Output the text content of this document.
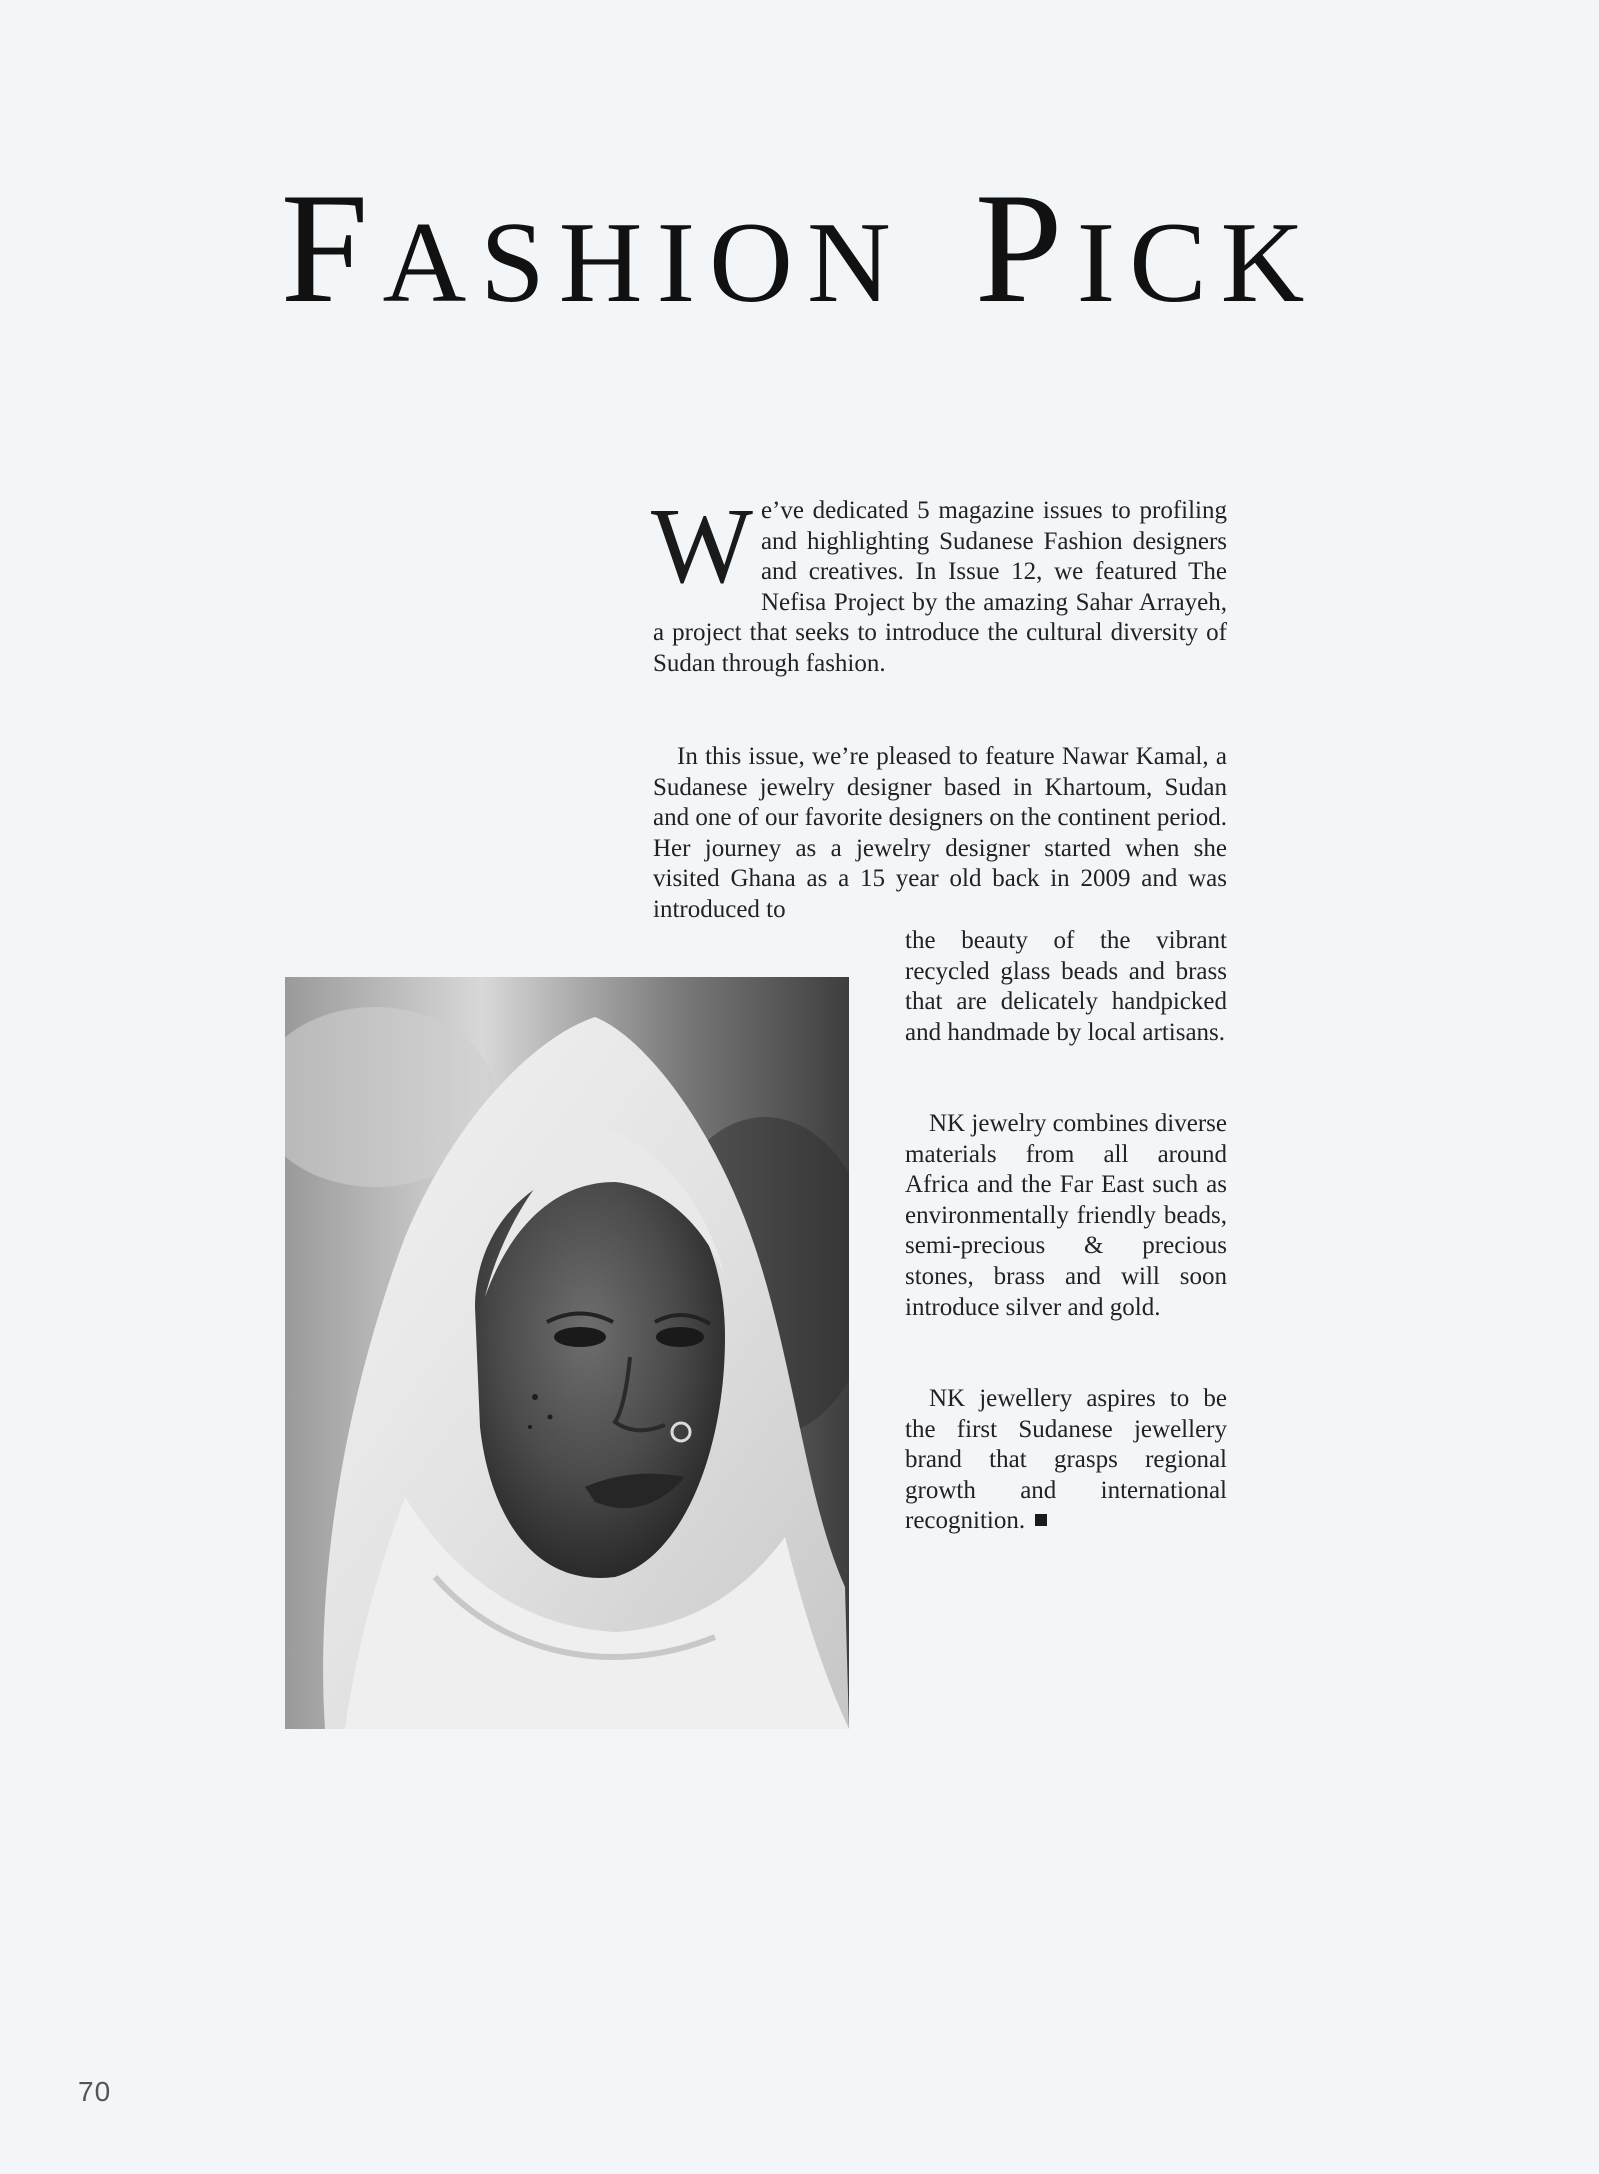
FASHION PICK

We’ve dedicated 5 magazine issues to profiling and highlighting Sudanese Fashion designers and creatives. In Issue 12, we featured The Nefisa Project by the amazing Sahar Arrayeh, a project that seeks to introduce the cultural diversity of Sudan through fashion.

In this issue, we’re pleased to feature Nawar Kamal, a Sudanese jewelry designer based in Khartoum, Sudan and one of our favorite designers on the continent period. Her journey as a jewelry designer started when she visited Ghana as a 15 year old back in 2009 and was introduced to

the beauty of the vibrant recycled glass beads and brass that are delicately handpicked and handmade by local artisans.

NK jewelry combines diverse materials from all around Africa and the Far East such as environmentally friendly beads, semi-precious & precious stones, brass and will soon introduce silver and gold.

NK jewellery aspires to be the first Sudanese jewellery brand that grasps regional growth and international recognition.

70
